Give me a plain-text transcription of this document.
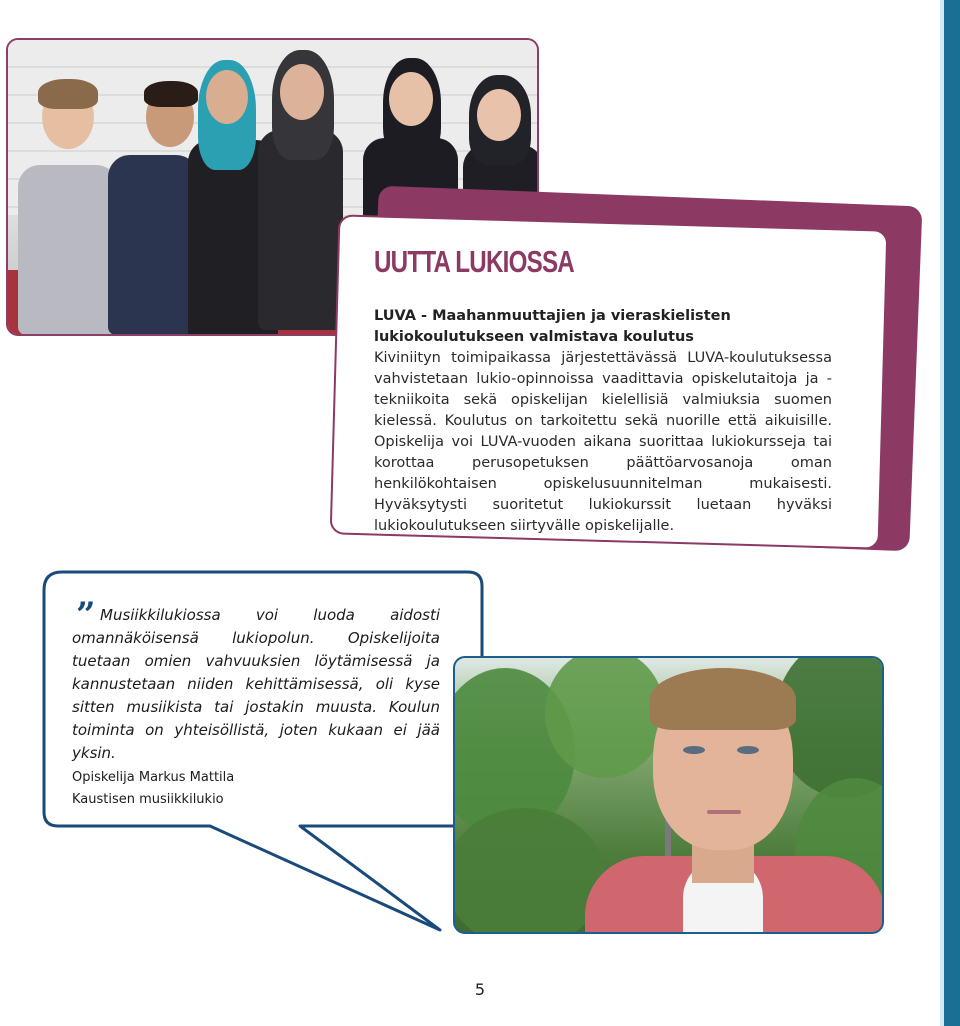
UUTTA LUKIOSSA

LUVA - Maahanmuuttajien ja vieraskielisten lukiokoulutukseen valmistava koulutus

Kiviniityn toimipaikassa järjestettävässä LUVA-koulutuksessa vahvistetaan lukio-opinnoissa vaadittavia opiskelutaitoja ja -tekniikoita sekä opiskelijan kielellisiä valmiuksia suomen kielessä. Koulutus on tarkoitettu sekä nuorille että aikuisille. Opiskelija voi LUVA-vuoden aikana suorittaa lukiokursseja tai korottaa perusopetuksen päättöarvosanoja oman henkilökohtaisen opiskelusuunnitelman mukaisesti. Hyväksytysti suoritetut lukiokurssit luetaan hyväksi lukiokoulutukseen siirtyvälle opiskelijalle.

” Musiikkilukiossa voi luoda aidosti omannäköisensä lukiopolun. Opiskelijoita tuetaan omien vahvuuksien löytämisessä ja kannustetaan niiden kehittämisessä, oli kyse sitten musiikista tai jostakin muusta. Koulun toiminta on yhteisöllistä, joten kukaan ei jää yksin.

Opiskelija Markus Mattila

Kaustisen musiikkilukio

5
